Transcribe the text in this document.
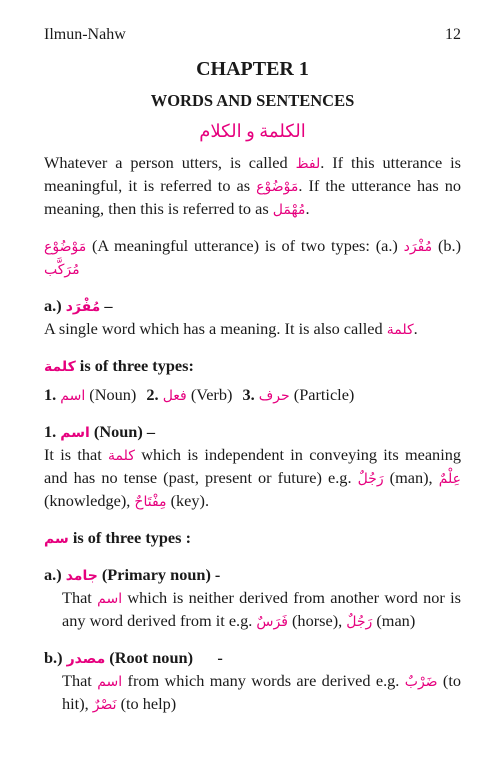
Ilmun-Nahw	12
CHAPTER 1
WORDS AND SENTENCES
الكلمة و الكلام

Whatever a person utters, is called لفظ. If this utterance is meaningful, it is referred to as مَوْضُوْع. If the utterance has no meaning, then this is referred to as مُهْمَل.

مَوْضُوْع (A meaningful utterance) is of two types: (a.) مُفْرَد (b.) مُرَكَّب

a.) مُفْرَد –

A single word which has a meaning. It is also called كلمة.

كلمة is of three types:
1. اسم (Noun) 2. فعل (Verb) 3. حرف (Particle)
1. اسم (Noun) –

It is that كلمة which is independent in conveying its meaning and has no tense (past, present or future) e.g. رَجُلٌ (man), عِلْمٌ (knowledge), مِفْتَاحٌ (key).

سم is of three types :
a.) جامد (Primary noun) -

That اسم which is neither derived from another word nor is any word derived from it e.g. فَرَسٌ (horse), رَجُلٌ (man)

b.) مصدر (Root noun)      -

That اسم from which many words are derived e.g. ضَرْبٌ (to hit), نَصْرٌ (to help)
